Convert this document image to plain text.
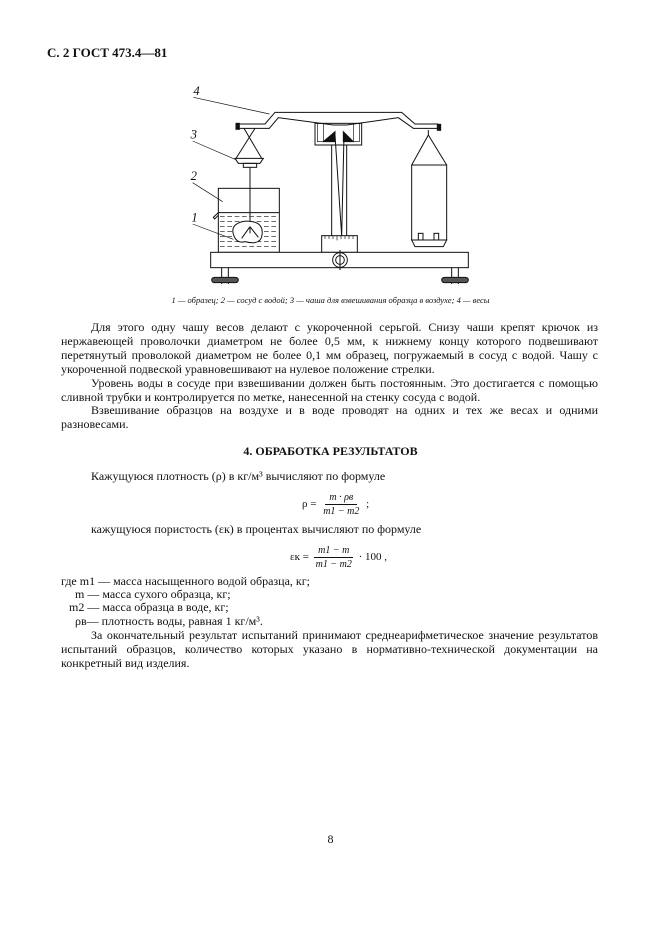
С. 2 ГОСТ 473.4—81
4
3
2
1
1 — образец; 2 — сосуд с водой; 3 — чаша для взвешивания образца в воздухе; 4 — весы

Для этого одну чашу весов делают с укороченной серьгой. Снизу чаши крепят крючок из нержавеющей проволочки диаметром не более 0,5 мм, к нижнему концу которого подвешивают перетянутый проволокой диаметром не более 0,1 мм образец, погружаемый в сосуд с водой. Чашу с укороченной подвеской уравновешивают на нулевое положение стрелки.

Уровень воды в сосуде при взвешивании должен быть постоянным. Это достигается с помощью сливной трубки и контролируется по метке, нанесенной на стенку сосуда с водой.

Взвешивание образцов на воздухе и в воде проводят на одних и тех же весах и одними разновесами.

4. ОБРАБОТКА РЕЗУЛЬТАТОВ
Кажущуюся плотность (ρ) в кг/м³ вычисляют по формуле
$\rho = \frac{m \cdot \rho в}{m1 - m2}$ ;
кажущуюся пористость (εк) в процентах вычисляют по формуле
$\varepsilon к = \frac{m1 - m}{m1 - m2} \cdot 100$ ,
где m1 — масса насыщенного водой образца, кг;
m — масса сухого образца, кг;
m2 — масса образца в воде, кг;
ρв— плотность воды, равная 1 кг/м³.
За окончательный результат испытаний принимают среднеарифметическое значение результатов испытаний образцов, количество которых указано в нормативно-технической документации на конкретный вид изделия.
8
